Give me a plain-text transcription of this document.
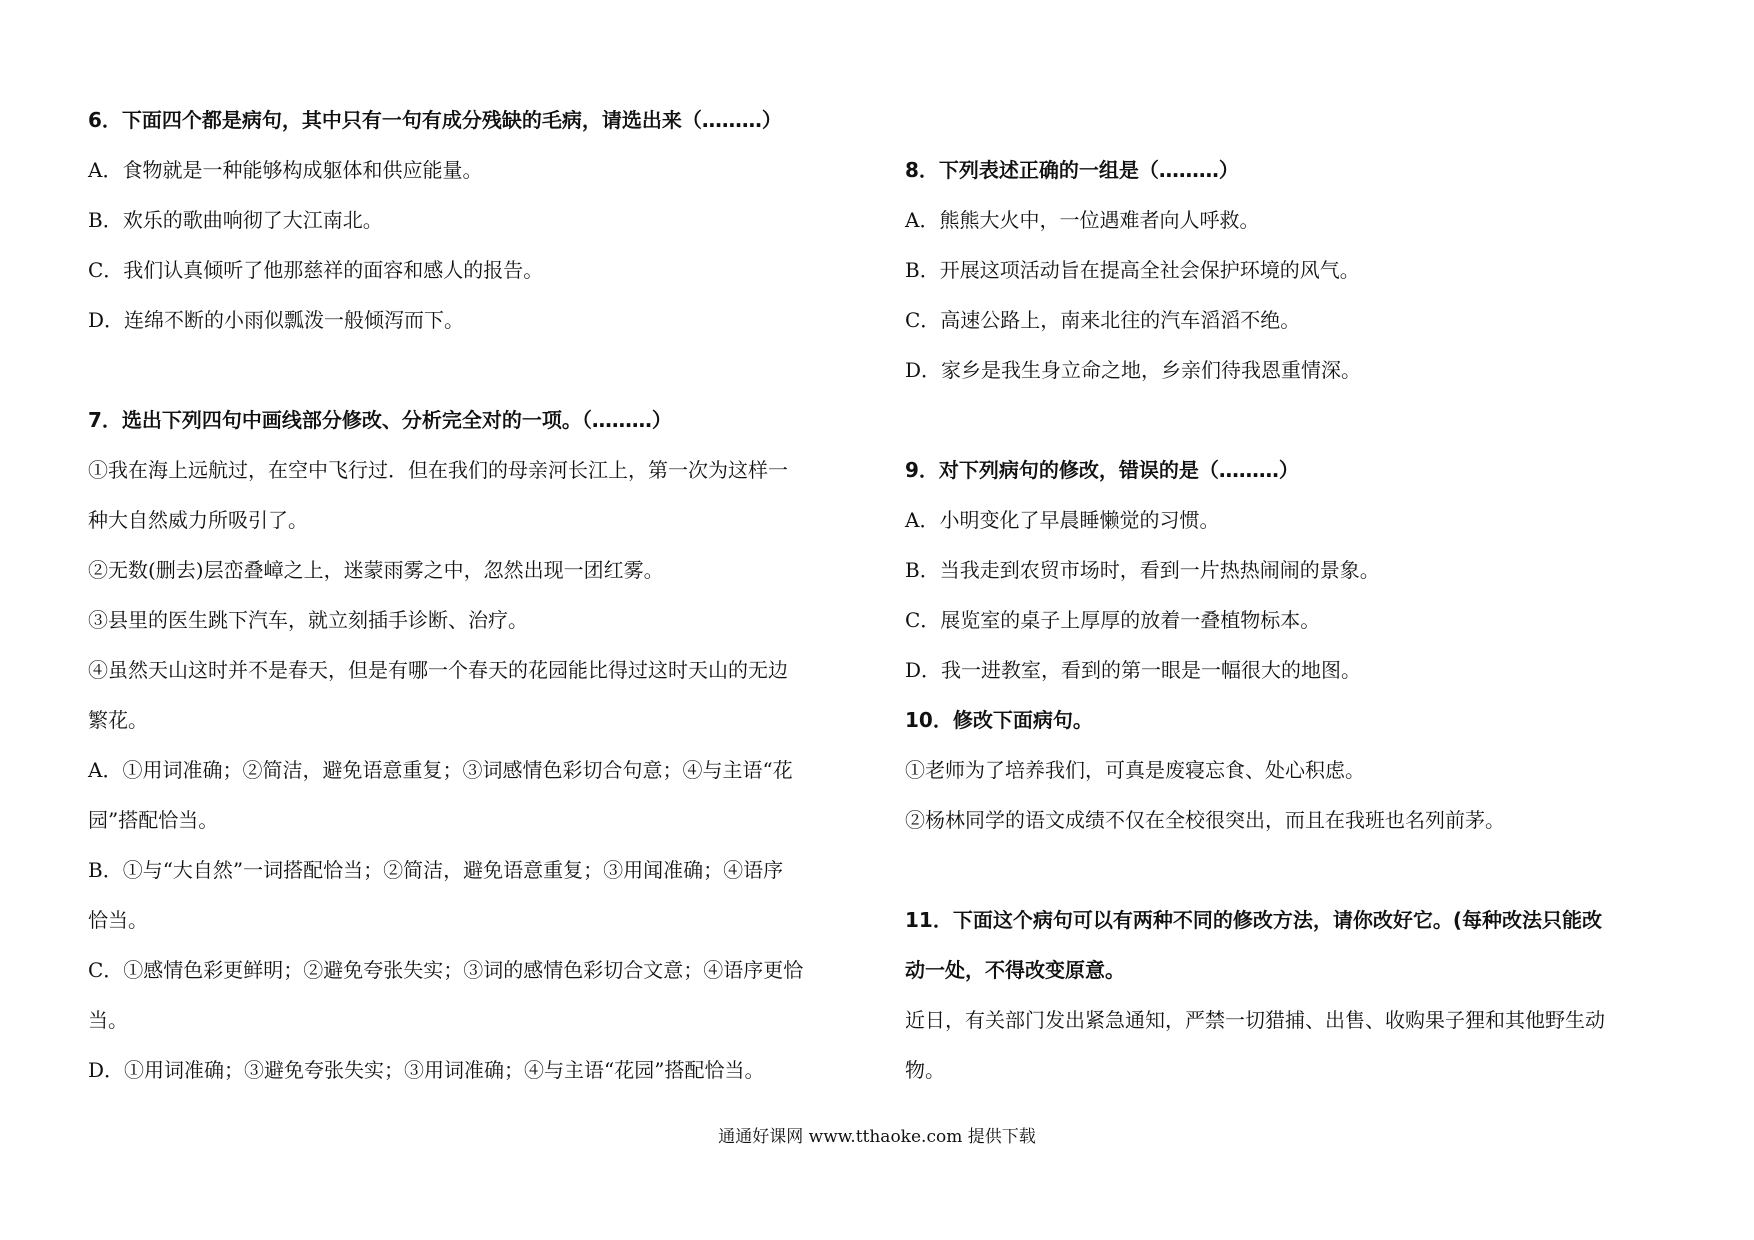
6．下面四个都是病句，其中只有一句有成分残缺的毛病，请选出来（………）
A．食物就是一种能够构成躯体和供应能量。
B．欢乐的歌曲响彻了大江南北。
C．我们认真倾听了他那慈祥的面容和感人的报告。
D．连绵不断的小雨似瓢泼一般倾泻而下。
7．选出下列四句中画线部分修改、分析完全对的一项。（………）
①我在海上远航过，在空中飞行过．但在我们的母亲河长江上，第一次为这样一
种大自然威力所吸引了。
②无数(删去)层峦叠嶂之上，迷蒙雨雾之中，忽然出现一团红雾。
③县里的医生跳下汽车，就立刻插手诊断、治疗。
④虽然天山这时并不是春天，但是有哪一个春天的花园能比得过这时天山的无边
繁花。
A．①用词准确；②简洁，避免语意重复；③词感情色彩切合句意；④与主语“花
园”搭配恰当。
B．①与“大自然”一词搭配恰当；②简洁，避免语意重复；③用闻准确；④语序
恰当。
C．①感情色彩更鲜明；②避免夸张失实；③词的感情色彩切合文意；④语序更恰
当。
D．①用词准确；③避免夸张失实；③用词准确；④与主语“花园”搭配恰当。
8．下列表述正确的一组是（………）
A．熊熊大火中，一位遇难者向人呼救。
B．开展这项活动旨在提高全社会保护环境的风气。
C．高速公路上，南来北往的汽车滔滔不绝。
D．家乡是我生身立命之地，乡亲们待我恩重情深。
9．对下列病句的修改，错误的是（………）
A．小明变化了早晨睡懒觉的习惯。
B．当我走到农贸市场时，看到一片热热闹闹的景象。
C．展览室的桌子上厚厚的放着一叠植物标本。
D．我一进教室，看到的第一眼是一幅很大的地图。
10．修改下面病句。
①老师为了培养我们，可真是废寝忘食、处心积虑。
②杨林同学的语文成绩不仅在全校很突出，而且在我班也名列前茅。
11．下面这个病句可以有两种不同的修改方法，请你改好它。(每种改法只能改
动一处，不得改变原意。
近日，有关部门发出紧急通知，严禁一切猎捕、出售、收购果子狸和其他野生动
物。
通通好课网 www.tthaoke.com 提供下载
